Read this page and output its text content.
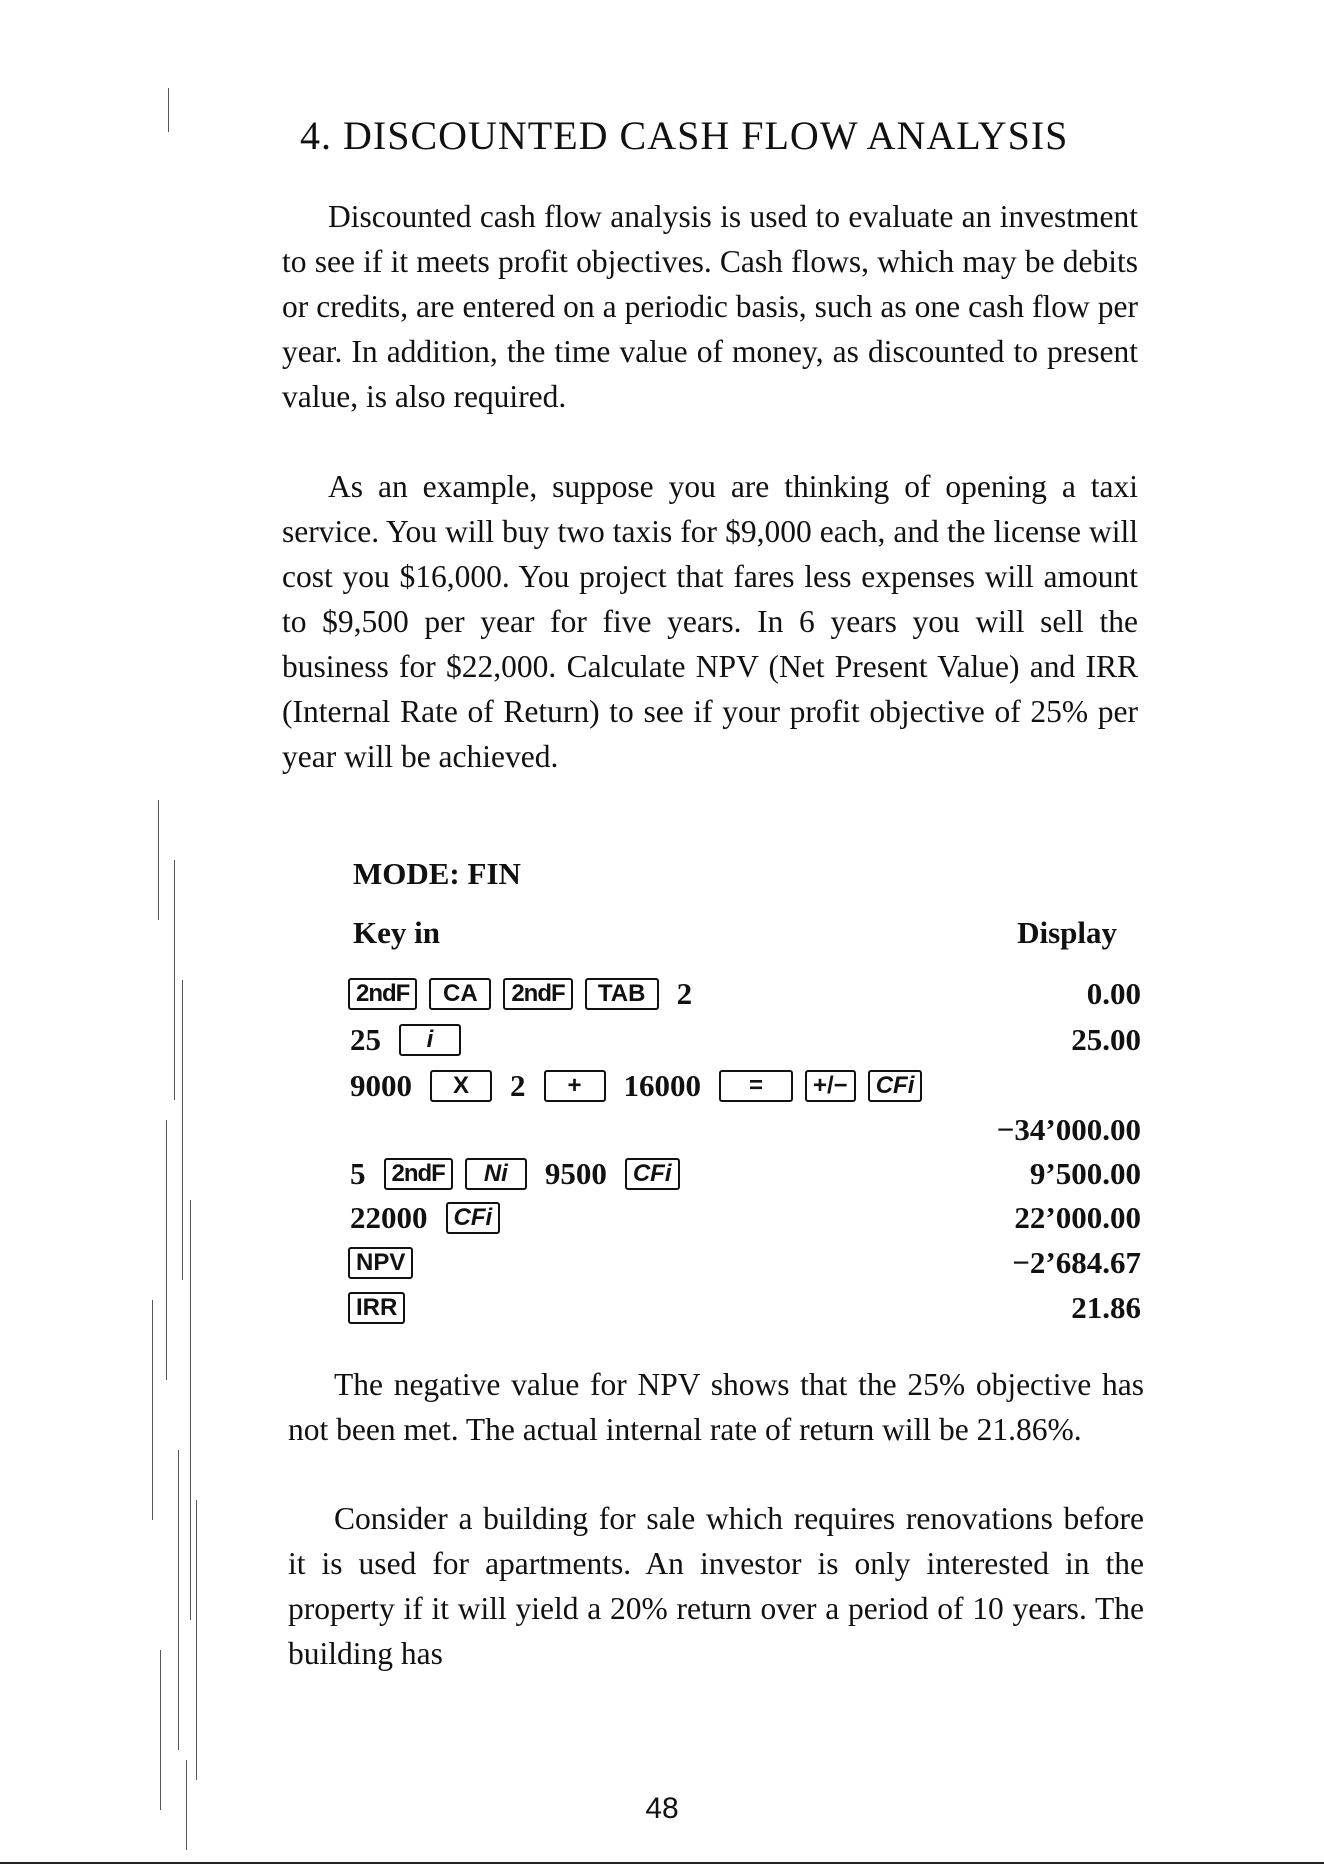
4. DISCOUNTED CASH FLOW ANALYSIS

Discounted cash flow analysis is used to evaluate an investment to see if it meets profit objectives. Cash flows, which may be debits or credits, are entered on a periodic basis, such as one cash flow per year. In addition, the time value of money, as discounted to present value, is also required.

As an example, suppose you are thinking of opening a taxi service. You will buy two taxis for $9,000 each, and the license will cost you $16,000. You project that fares less expenses will amount to $9,500 per year for five years. In 6 years you will sell the business for $22,000. Calculate NPV (Net Present Value) and IRR (Internal Rate of Return) to see if your profit objective of 25% per year will be achieved.

MODE: FIN
Key in	Display
2ndF	CA	2ndF	TAB	2	0.00
25	i	25.00
9000	X	2	+	16000	=	+/−	CFi
−34’000.00
5	2ndF	Ni	9500	CFi	9’500.00
22000	CFi	22’000.00
NPV	−2’684.67
IRR	21.86

The negative value for NPV shows that the 25% objective has not been met. The actual internal rate of return will be 21.86%.

Consider a building for sale which requires renovations before it is used for apartments. An investor is only interested in the property if it will yield a 20% return over a period of 10 years. The building has

48
